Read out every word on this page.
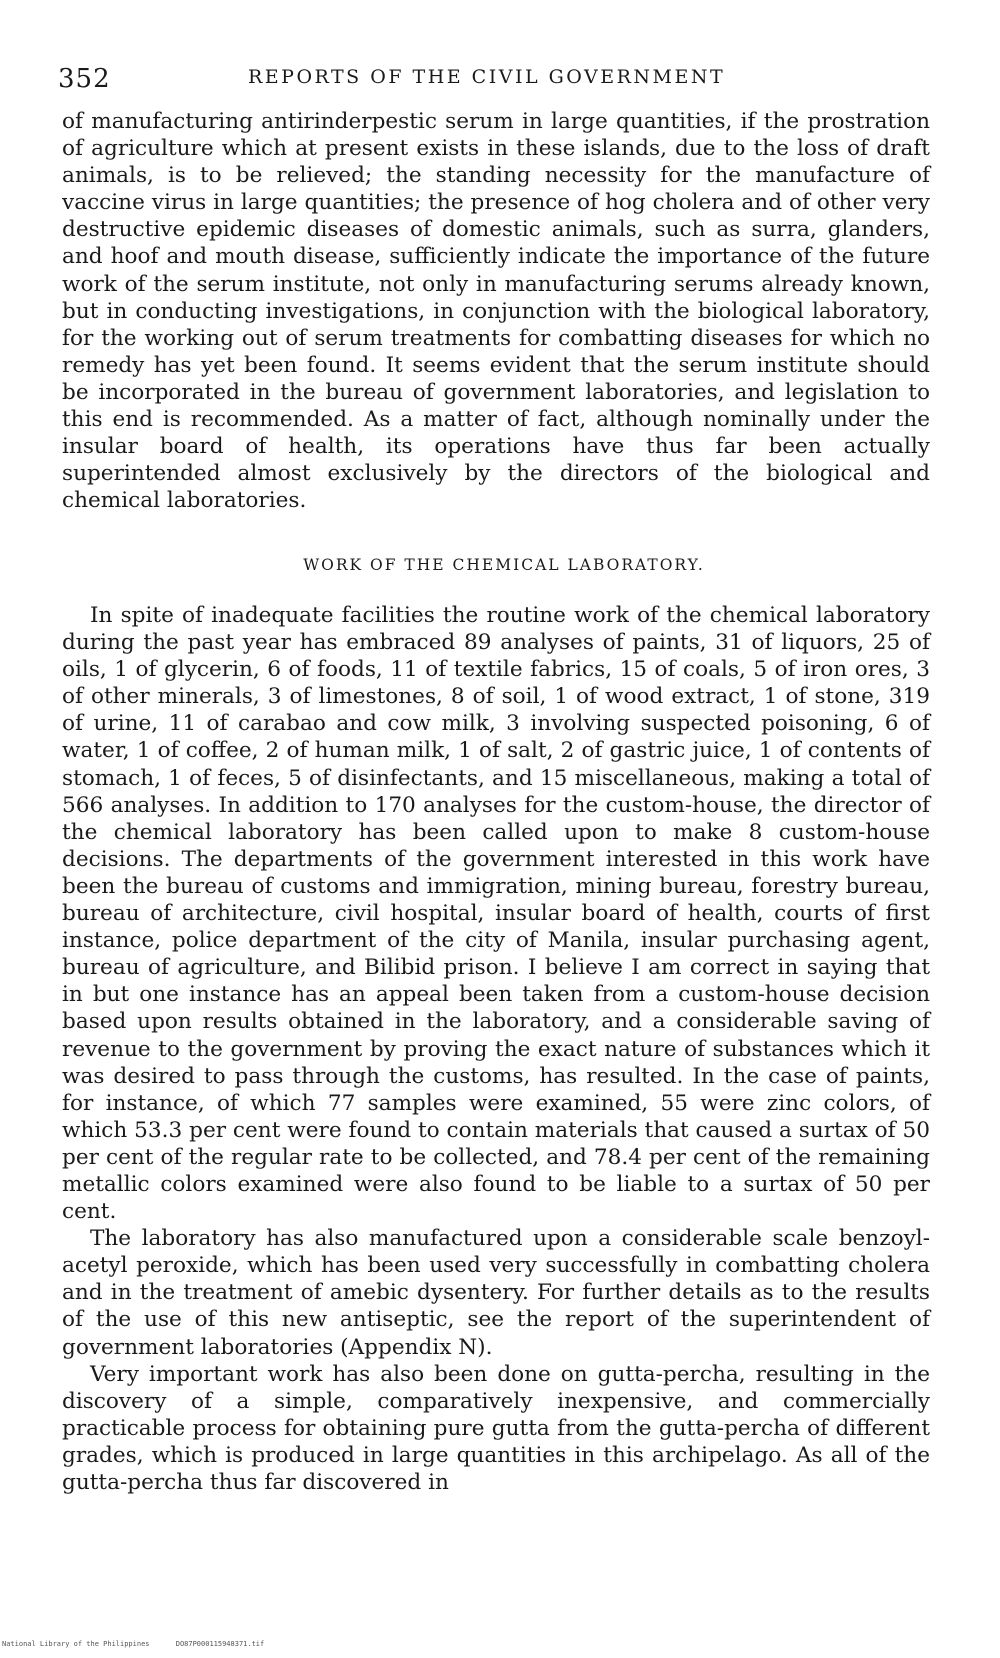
352	REPORTS OF THE CIVIL GOVERNMENT

of manufacturing antirinderpestic serum in large quantities, if the prostration of agriculture which at present exists in these islands, due to the loss of draft animals, is to be relieved; the standing necessity for the manufacture of vaccine virus in large quantities; the presence of hog cholera and of other very destructive epidemic diseases of domestic animals, such as surra, glanders, and hoof and mouth disease, sufficiently indicate the importance of the future work of the serum institute, not only in manufacturing serums already known, but in conducting investigations, in conjunction with the biological laboratory, for the working out of serum treatments for combatting diseases for which no remedy has yet been found. It seems evident that the serum institute should be incorporated in the bureau of government laboratories, and legislation to this end is recommended. As a matter of fact, although nominally under the insular board of health, its operations have thus far been actually superintended almost exclusively by the directors of the biological and chemical laboratories.

WORK OF THE CHEMICAL LABORATORY.

In spite of inadequate facilities the routine work of the chemical laboratory during the past year has embraced 89 analyses of paints, 31 of liquors, 25 of oils, 1 of glycerin, 6 of foods, 11 of textile fabrics, 15 of coals, 5 of iron ores, 3 of other minerals, 3 of limestones, 8 of soil, 1 of wood extract, 1 of stone, 319 of urine, 11 of carabao and cow milk, 3 involving suspected poisoning, 6 of water, 1 of coffee, 2 of human milk, 1 of salt, 2 of gastric juice, 1 of contents of stomach, 1 of feces, 5 of disinfectants, and 15 miscellaneous, making a total of 566 analyses. In addition to 170 analyses for the custom-house, the director of the chemical laboratory has been called upon to make 8 custom-house decisions. The departments of the government interested in this work have been the bureau of customs and immigration, mining bureau, forestry bureau, bureau of architecture, civil hospital, insular board of health, courts of first instance, police department of the city of Manila, insular purchasing agent, bureau of agriculture, and Bilibid prison. I believe I am correct in saying that in but one instance has an appeal been taken from a custom-house decision based upon results obtained in the laboratory, and a considerable saving of revenue to the government by proving the exact nature of substances which it was desired to pass through the customs, has resulted. In the case of paints, for instance, of which 77 samples were examined, 55 were zinc colors, of which 53.3 per cent were found to contain materials that caused a surtax of 50 per cent of the regular rate to be collected, and 78.4 per cent of the remaining metallic colors examined were also found to be liable to a surtax of 50 per cent.

The laboratory has also manufactured upon a considerable scale benzoyl-acetyl peroxide, which has been used very successfully in combatting cholera and in the treatment of amebic dysentery. For further details as to the results of the use of this new antiseptic, see the report of the superintendent of government laboratories (Appendix N).

Very important work has also been done on gutta-percha, resulting in the discovery of a simple, comparatively inexpensive, and commercially practicable process for obtaining pure gutta from the gutta-percha of different grades, which is produced in large quantities in this archipelago. As all of the gutta-percha thus far discovered in

National Library of the Philippines	DO87P000115948371.tif
